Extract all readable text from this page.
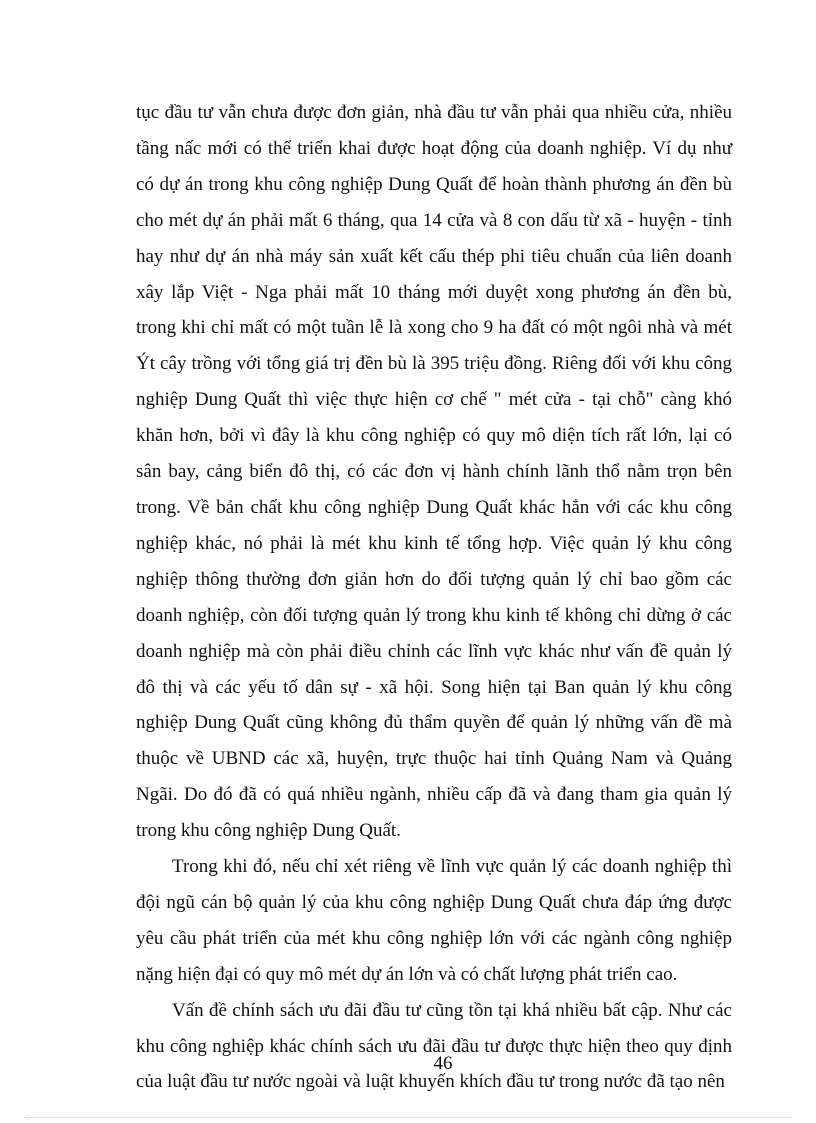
tục đầu tư vẫn chưa được đơn giản, nhà đầu tư vẫn phải qua nhiều cửa, nhiều tầng nấc mới có thể triển khai được hoạt động của doanh nghiệp. Ví dụ như có dự án trong khu công nghiệp Dung Quất để hoàn thành phương án đền bù cho mét dự án phải mất 6 tháng, qua 14 cửa và 8 con dấu từ xã - huyện - tỉnh hay như dự án nhà máy sản xuất kết cấu thép phi tiêu chuẩn của liên doanh xây lắp Việt - Nga phải mất 10 tháng mới duyệt xong phương án đền bù, trong khi chỉ mất có một tuần lễ là xong cho 9 ha đất có một ngôi nhà và mét Ýt cây trồng với tổng giá trị đền bù là 395 triệu đồng. Riêng đối với khu công nghiệp Dung Quất thì việc thực hiện cơ chế " mét cửa - tại chỗ" càng khó khăn hơn, bởi vì đây là khu công nghiệp có quy mô diện tích rất lớn, lại có sân bay, cảng biển đô thị, có các đơn vị hành chính lãnh thổ nằm trọn bên trong. Về bản chất khu công nghiệp Dung Quất khác hẳn với các khu công nghiệp khác, nó phải là mét khu kinh tế tổng hợp. Việc quản lý khu công nghiệp thông thường đơn giản hơn do đối tượng quản lý chỉ bao gồm các doanh nghiệp, còn đối tượng quản lý trong khu kinh tế không chỉ dừng ở các doanh nghiệp mà còn phải điều chỉnh các lĩnh vực khác như vấn đề quản lý đô thị và các yếu tố dân sự - xã hội. Song hiện tại Ban quản lý khu công nghiệp Dung Quất cũng không đủ thẩm quyền để quản lý những vấn đề mà thuộc về UBND các xã, huyện, trực thuộc hai tỉnh Quảng Nam và Quảng Ngãi. Do đó đã có quá nhiều ngành, nhiều cấp đã và đang tham gia quản lý trong khu công nghiệp Dung Quất.

Trong khi đó, nếu chỉ xét riêng về lĩnh vực quản lý các doanh nghiệp thì đội ngũ cán bộ quản lý của khu công nghiệp Dung Quất chưa đáp ứng được yêu cầu phát triển của mét khu công nghiệp lớn với các ngành công nghiệp nặng hiện đại có quy mô mét dự án lớn và có chất lượng phát triển cao.

Vấn đề chính sách ưu đãi đầu tư cũng tồn tại khá nhiều bất cập. Như các khu công nghiệp khác chính sách ưu đãi đầu tư được thực hiện theo quy định của luật đầu tư nước ngoài và luật khuyến khích đầu tư trong nước đã tạo nên

46
